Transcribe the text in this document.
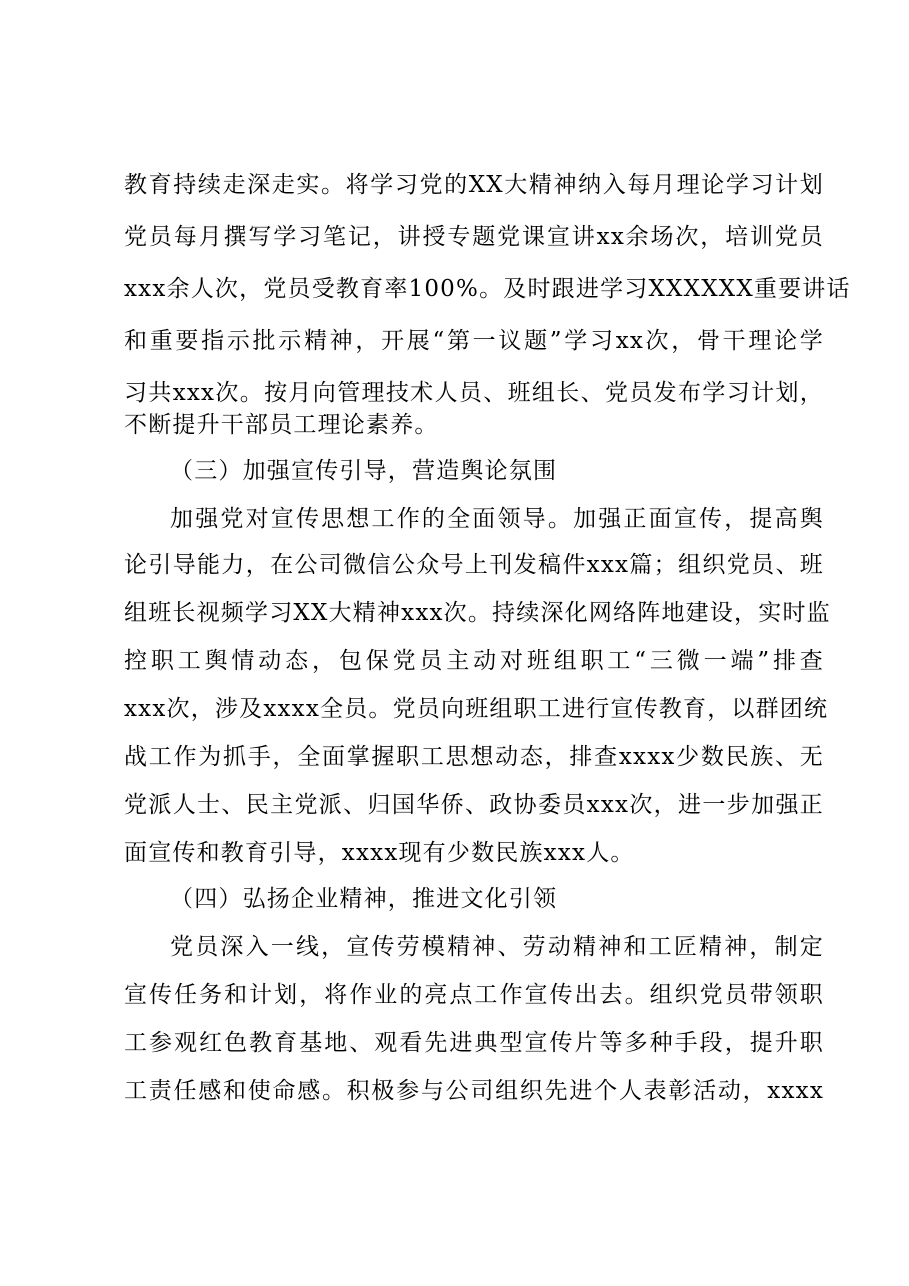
教育持续走深走实。将学习党的XX大精神纳入每月理论学习计划
党员每月撰写学习笔记，讲授专题党课宣讲xx余场次，培训党员
xxx余人次，党员受教育率100%。及时跟进学习XXXXXX重要讲话
和重要指示批示精神，开展“第一议题”学习xx次，骨干理论学
习共xxx次。按月向管理技术人员、班组长、党员发布学习计划，
不断提升干部员工理论素养。
（三）加强宣传引导，营造舆论氛围
加强党对宣传思想工作的全面领导。加强正面宣传，提高舆
论引导能力，在公司微信公众号上刊发稿件xxx篇；组织党员、班
组班长视频学习XX大精神xxx次。持续深化网络阵地建设，实时监
控职工舆情动态，包保党员主动对班组职工“三微一端”排查
xxx次，涉及xxxx全员。党员向班组职工进行宣传教育，以群团统
战工作为抓手，全面掌握职工思想动态，排查xxxx少数民族、无
党派人士、民主党派、归国华侨、政协委员xxx次，进一步加强正
面宣传和教育引导，xxxx现有少数民族xxx人。
（四）弘扬企业精神，推进文化引领
党员深入一线，宣传劳模精神、劳动精神和工匠精神，制定
宣传任务和计划，将作业的亮点工作宣传出去。组织党员带领职
工参观红色教育基地、观看先进典型宣传片等多种手段，提升职
工责任感和使命感。积极参与公司组织先进个人表彰活动，xxxx
